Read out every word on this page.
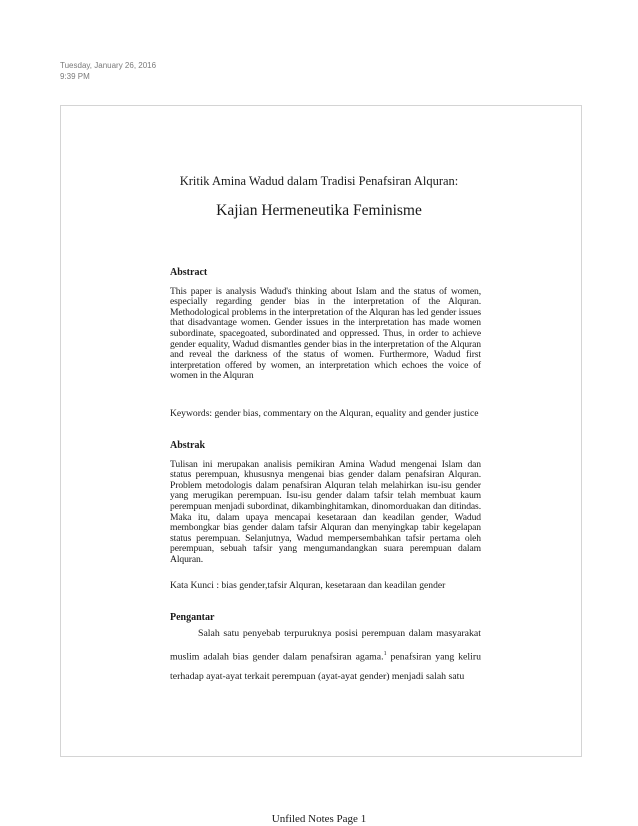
Tuesday, January 26, 2016
9:39 PM
Kritik Amina Wadud dalam Tradisi Penafsiran Alquran:
Kajian Hermeneutika Feminisme

Abstract

This paper is analysis Wadud's thinking about Islam and the status of women, especially regarding gender bias in the interpretation of the Alquran. Methodological problems in the interpretation of the Alquran has led gender issues that disadvantage women. Gender issues in the interpretation has made women subordinate, spacegoated, subordinated and oppressed. Thus, in order to achieve gender equality, Wadud dismantles gender bias in the interpretation of the Alquran and reveal the darkness of the status of women. Furthermore, Wadud first interpretation offered by women, an interpretation which echoes the voice of women in the Alquran

Keywords: gender bias, commentary on the Alquran, equality and gender justice

Abstrak

Tulisan ini merupakan analisis pemikiran Amina Wadud mengenai Islam dan status perempuan, khususnya mengenai bias gender dalam penafsiran Alquran. Problem metodologis dalam penafsiran Alquran telah melahirkan isu-isu gender yang merugikan perempuan. Isu-isu gender dalam tafsir telah membuat kaum perempuan menjadi subordinat, dikambinghitamkan, dinomorduakan dan ditindas. Maka itu, dalam upaya mencapai kesetaraan dan keadilan gender, Wadud membongkar bias gender dalam tafsir Alquran dan menyingkap tabir kegelapan status perempuan. Selanjutnya, Wadud mempersembahkan tafsir pertama oleh perempuan, sebuah tafsir yang mengumandangkan suara perempuan dalam Alquran.

Kata Kunci : bias gender,tafsir Alquran, kesetaraan dan keadilan gender

Pengantar

Salah satu penyebab terpuruknya posisi perempuan dalam masyarakat muslim adalah bias gender dalam penafsiran agama.$^1$ penafsiran yang keliru terhadap ayat-ayat terkait perempuan (ayat-ayat gender) menjadi salah satu

Unfiled Notes Page 1
